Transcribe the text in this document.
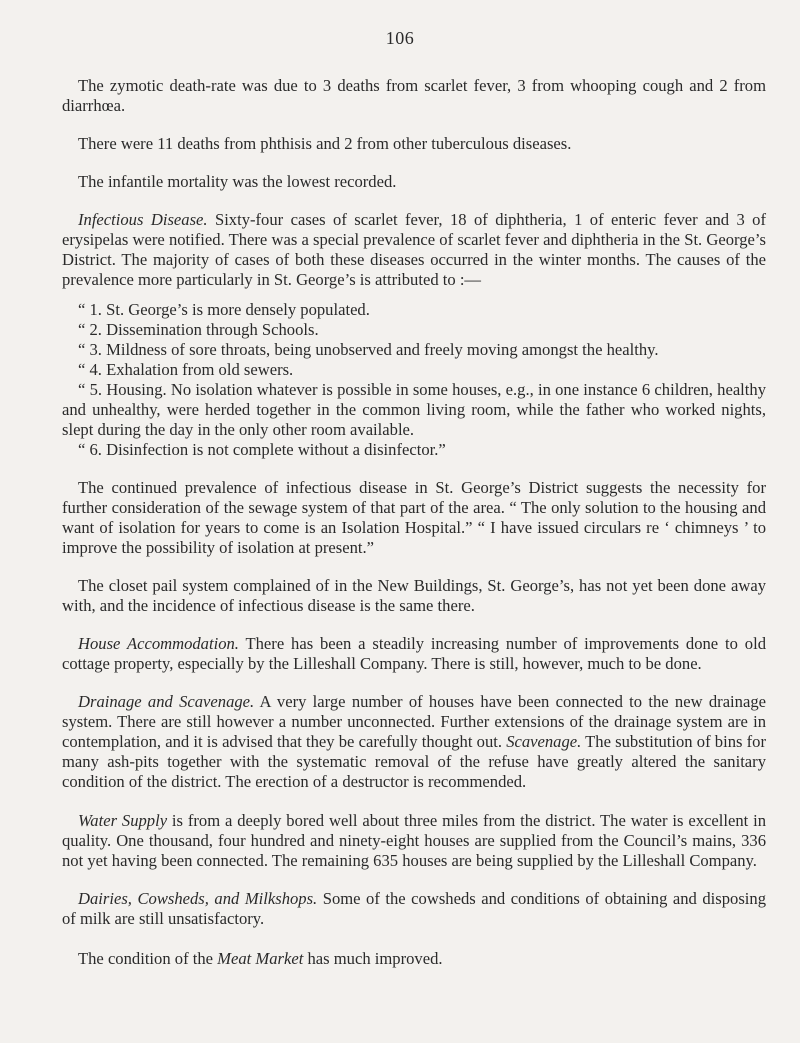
106

The zymotic death-rate was due to 3 deaths from scarlet fever, 3 from whooping cough and 2 from diarrhœa.

There were 11 deaths from phthisis and 2 from other tuberculous diseases.

The infantile mortality was the lowest recorded.

Infectious Disease. Sixty-four cases of scarlet fever, 18 of diphtheria, 1 of enteric fever and 3 of erysipelas were notified. There was a special prevalence of scarlet fever and diphtheria in the St. George’s District. The majority of cases of both these diseases occurred in the winter months. The causes of the prevalence more particularly in St. George’s is attributed to :—

“ 1. St. George’s is more densely populated.

“ 2. Dissemination through Schools.

“ 3. Mildness of sore throats, being unobserved and freely moving amongst the healthy.

“ 4. Exhalation from old sewers.

“ 5. Housing. No isolation whatever is possible in some houses, e.g., in one instance 6 children, healthy and unhealthy, were herded together in the common living room, while the father who worked nights, slept during the day in the only other room available.

“ 6. Disinfection is not complete without a disinfector.”

The continued prevalence of infectious disease in St. George’s District suggests the necessity for further consideration of the sewage system of that part of the area. “ The only solution to the housing and want of isolation for years to come is an Isolation Hospital.” “ I have issued circulars re ‘ chimneys ’ to improve the possibility of isolation at present.”

The closet pail system complained of in the New Buildings, St. George’s, has not yet been done away with, and the incidence of infectious disease is the same there.

House Accommodation. There has been a steadily increasing number of improvements done to old cottage property, especially by the Lilleshall Company. There is still, however, much to be done.

Drainage and Scavenage. A very large number of houses have been connected to the new drainage system. There are still however a number unconnected. Further extensions of the drainage system are in contemplation, and it is advised that they be carefully thought out. Scavenage. The substitution of bins for many ash-pits together with the systematic removal of the refuse have greatly altered the sanitary condition of the district. The erection of a destructor is recommended.

Water Supply is from a deeply bored well about three miles from the district. The water is excellent in quality. One thousand, four hundred and ninety-eight houses are supplied from the Council’s mains, 336 not yet having been connected. The remaining 635 houses are being supplied by the Lilleshall Company.

Dairies, Cowsheds, and Milkshops. Some of the cowsheds and conditions of obtaining and disposing of milk are still unsatisfactory.

The condition of the Meat Market has much improved.
